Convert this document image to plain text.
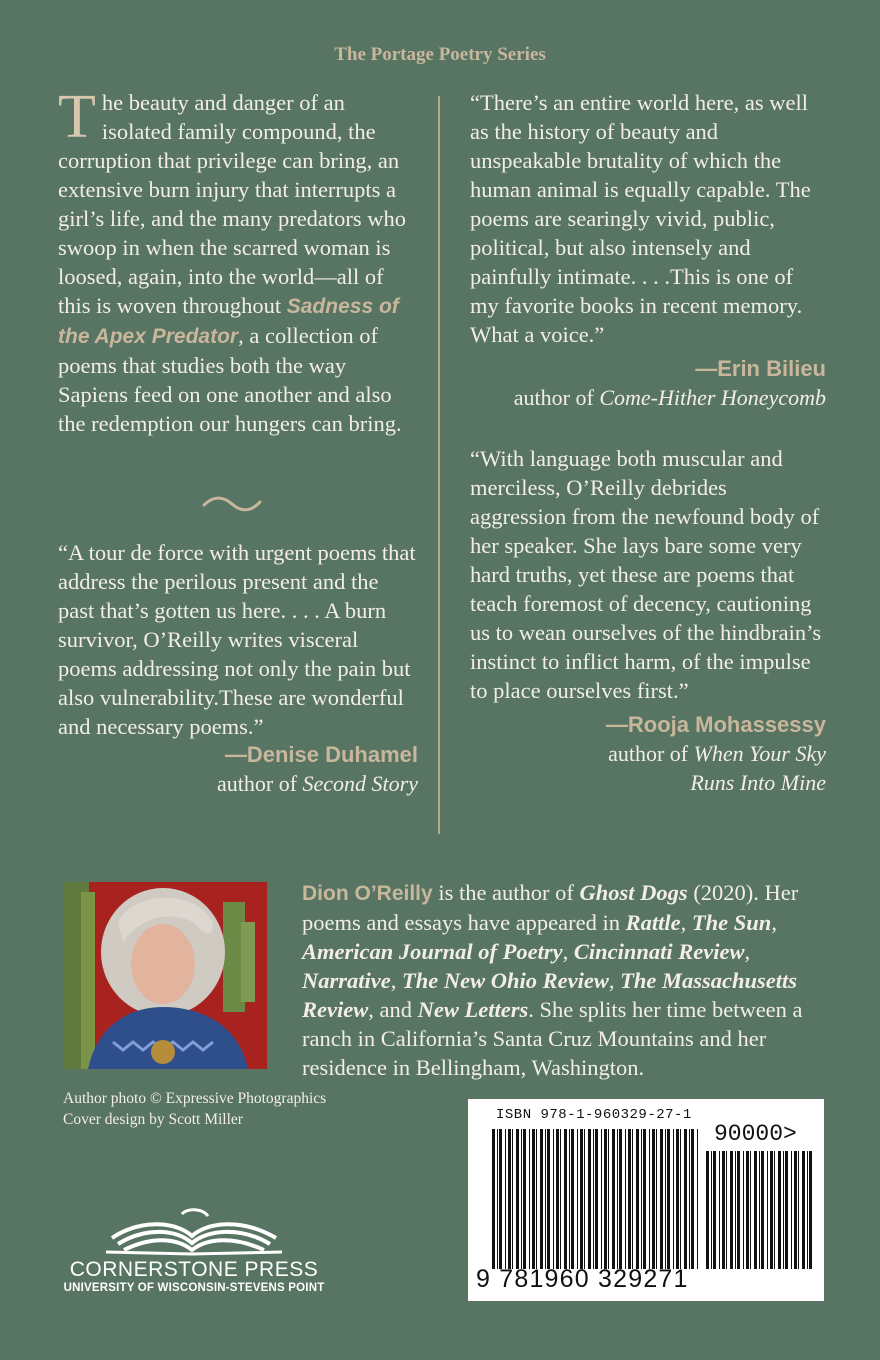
The Portage Poetry Series

The beauty and danger of an isolated family compound, the corruption that privilege can bring, an extensive burn injury that interrupts a girl’s life, and the many predators who swoop in when the scarred woman is loosed, again, into the world—all of this is woven throughout Sadness of the Apex Predator, a collection of poems that studies both the way Sapiens feed on one another and also the redemption our hungers can bring.

“A tour de force with urgent poems that address the perilous present and the past that’s gotten us here. . . . A burn survivor, O’Reilly writes visceral poems addressing not only the pain but also vulnerability.These are wonderful and necessary poems.”

—Denise Duhamel

author of Second Story

“There’s an entire world here, as well as the history of beauty and unspeakable brutality of which the human animal is equally capable. The poems are searingly vivid, public, political, but also intensely and painfully intimate. . . .This is one of my favorite books in recent memory. What a voice.”

—Erin Bilieu

author of Come-Hither Honeycomb

“With language both muscular and merciless, O’Reilly debrides aggression from the newfound body of her speaker. She lays bare some very hard truths, yet these are poems that teach foremost of decency, cautioning us to wean ourselves of the hindbrain’s instinct to inflict harm, of the impulse to place ourselves first.”

—Rooja Mohassessy

author of When Your Sky
Runs Into Mine

Dion O’Reilly is the author of Ghost Dogs (2020). Her poems and essays have appeared in Rattle, The Sun, American Journal of Poetry, Cincinnati Review, Narrative, The New Ohio Review, The Massachusetts Review, and New Letters. She splits her time between a ranch in California’s Santa Cruz Mountains and her residence in Bellingham, Washington.

Author photo © Expressive Photographics
Cover design by Scott Miller
CORNERSTONE PRESS
UNIVERSITY OF WISCONSIN-STEVENS POINT
ISBN 978-1-960329-27-1
90000>
9 781960 329271
